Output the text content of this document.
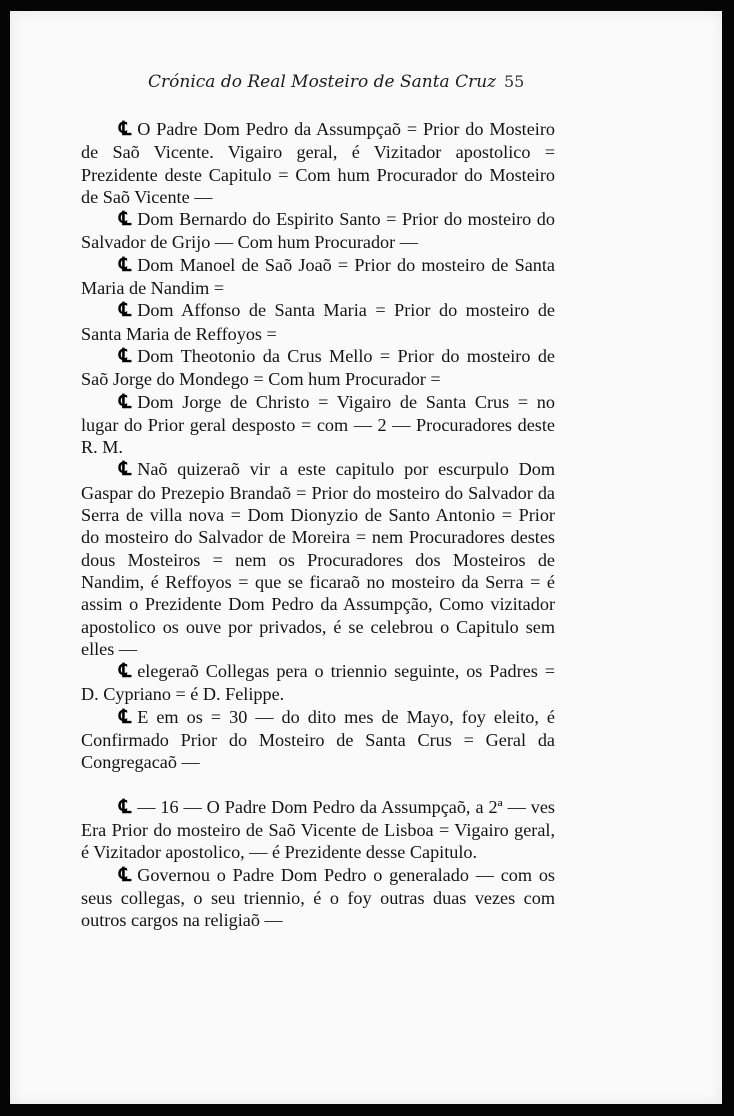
Crónica do Real Mosteiro de Santa Cruz 55

℄ O Padre Dom Pedro da Assumpçaõ = Prior do Mosteiro de Saõ Vicente. Vigairo geral, é Vizitador apostolico = Prezidente deste Capitulo = Com hum Procurador do Mosteiro de Saõ Vicente —

℄ Dom Bernardo do Espirito Santo = Prior do mosteiro do Salvador de Grijo — Com hum Procurador —

℄ Dom Manoel de Saõ Joaõ = Prior do mosteiro de Santa Maria de Nandim =

℄ Dom Affonso de Santa Maria = Prior do mosteiro de Santa Maria de Reffoyos =

℄ Dom Theotonio da Crus Mello = Prior do mosteiro de Saõ Jorge do Mondego = Com hum Procurador =

℄ Dom Jorge de Christo = Vigairo de Santa Crus = no lugar do Prior geral desposto = com — 2 — Procuradores deste R. M.

℄ Naõ quizeraõ vir a este capitulo por escurpulo Dom Gaspar do Prezepio Brandaõ = Prior do mosteiro do Salvador da Serra de villa nova = Dom Dionyzio de Santo Antonio = Prior do mosteiro do Salvador de Moreira = nem Procuradores destes dous Mosteiros = nem os Procuradores dos Mosteiros de Nandim, é Reffoyos = que se ficaraõ no mosteiro da Serra = é assim o Prezidente Dom Pedro da Assumpção, Como vizitador apostolico os ouve por privados, é se celebrou o Capitulo sem elles —

℄ elegeraõ Collegas pera o triennio seguinte, os Padres = D. Cypriano = é D. Felippe.

℄ E em os = 30 — do dito mes de Mayo, foy eleito, é Confirmado Prior do Mosteiro de Santa Crus = Geral da Congregacaõ —

℄ — 16 — O Padre Dom Pedro da Assumpçaõ, a 2ª — ves Era Prior do mosteiro de Saõ Vicente de Lisboa = Vigairo geral, é Vizitador apostolico, — é Prezidente desse Capitulo.

℄ Governou o Padre Dom Pedro o generalado — com os seus collegas, o seu triennio, é o foy outras duas vezes com outros cargos na religiaõ —
